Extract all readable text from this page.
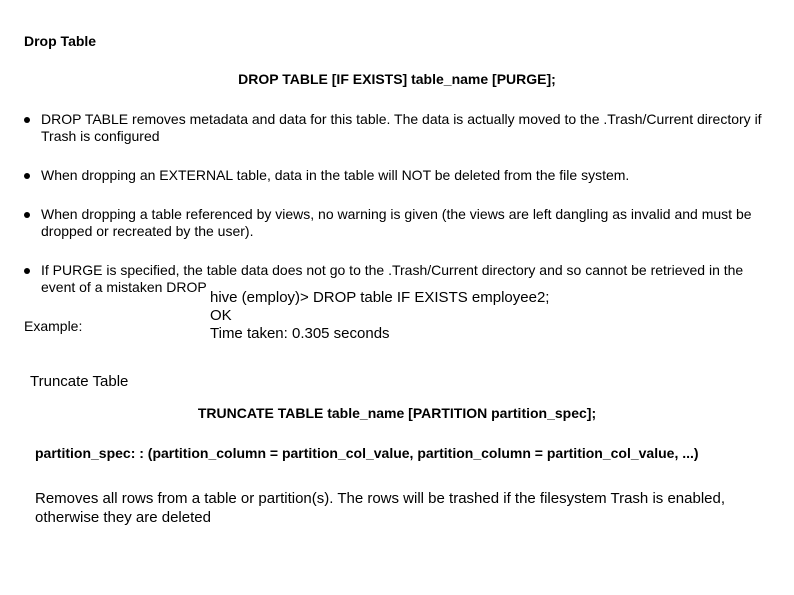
Drop Table
DROP TABLE [IF EXISTS] table_name [PURGE];
DROP TABLE removes metadata and data for this table. The data is actually moved to the .Trash/Current directory if Trash is configured
When dropping an EXTERNAL table, data in the table will NOT be deleted from the file system.
When dropping a table referenced by views, no warning is given (the views are left dangling as invalid and must be dropped or recreated by the user).
If PURGE is specified, the table data does not go to the .Trash/Current directory and so cannot be retrieved in the event of a mistaken DROP
Example:
hive (employ)> DROP table IF EXISTS employee2;
OK
Time taken: 0.305 seconds
Truncate Table
TRUNCATE TABLE table_name [PARTITION partition_spec];
partition_spec: : (partition_column = partition_col_value, partition_column = partition_col_value, ...)
Removes all rows from a table or partition(s). The rows will be trashed if the filesystem Trash is enabled, otherwise they are deleted
